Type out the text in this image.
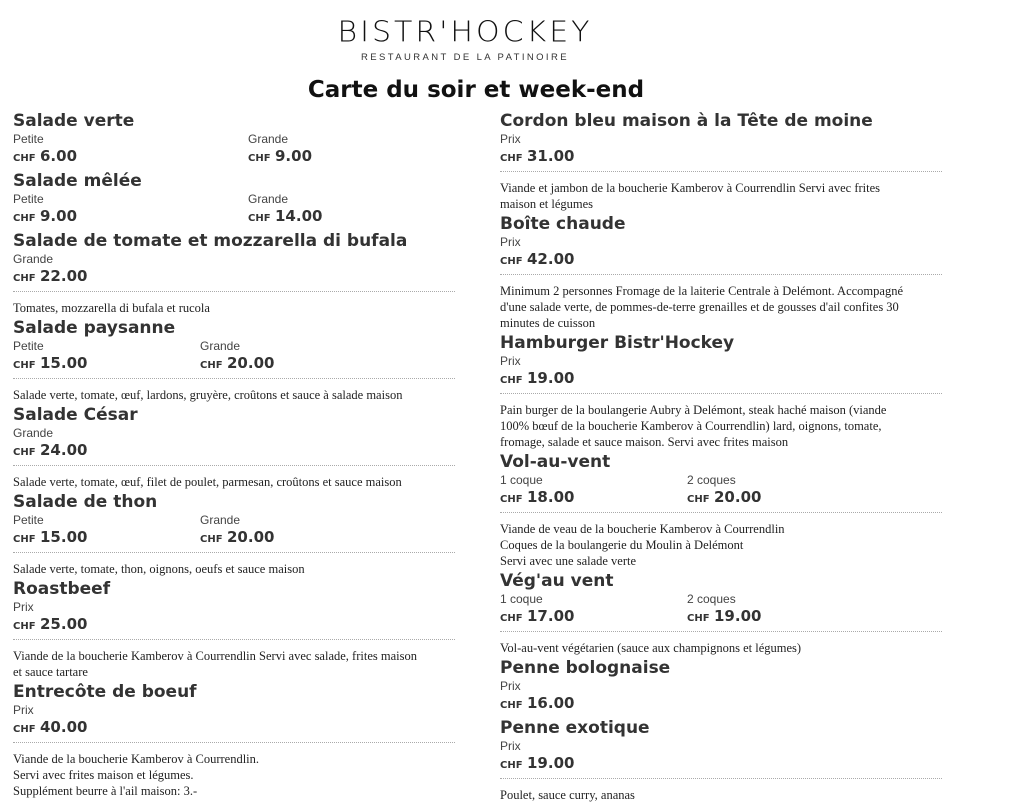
BISTR'HOCKEY
RESTAURANT DE LA PATINOIRE
Carte du soir et week-end
Salade verte
Petite
CHF 6.00
Grande
CHF 9.00
Salade mêlée
Petite
CHF 9.00
Grande
CHF 14.00
Salade de tomate et mozzarella di bufala
Grande
CHF 22.00
Tomates, mozzarella di bufala et rucola
Salade paysanne
Petite
CHF 15.00
Grande
CHF 20.00
Salade verte, tomate, œuf, lardons, gruyère, croûtons et sauce à salade maison
Salade César
Grande
CHF 24.00
Salade verte, tomate, œuf, filet de poulet, parmesan, croûtons et sauce maison
Salade de thon
Petite
CHF 15.00
Grande
CHF 20.00
Salade verte, tomate, thon, oignons, oeufs et sauce maison
Roastbeef
Prix
CHF 25.00
Viande de la boucherie Kamberov à Courrendlin Servi avec salade, frites maison
et sauce tartare
Entrecôte de boeuf
Prix
CHF 40.00
Viande de la boucherie Kamberov à Courrendlin.
Servi avec frites maison et légumes.
Supplément beurre à l'ail maison: 3.-
Cordon bleu maison à la Tête de moine
Prix
CHF 31.00
Viande et jambon de la boucherie Kamberov à Courrendlin Servi avec frites
maison et légumes
Boîte chaude
Prix
CHF 42.00
Minimum 2 personnes Fromage de la laiterie Centrale à Delémont. Accompagné
d'une salade verte, de pommes-de-terre grenailles et de gousses d'ail confites 30
minutes de cuisson
Hamburger Bistr'Hockey
Prix
CHF 19.00
Pain burger de la boulangerie Aubry à Delémont, steak haché maison (viande
100% bœuf de la boucherie Kamberov à Courrendlin) lard, oignons, tomate,
fromage, salade et sauce maison. Servi avec frites maison
Vol-au-vent
1 coque
CHF 18.00
2 coques
CHF 20.00
Viande de veau de la boucherie Kamberov à Courrendlin
Coques de la boulangerie du Moulin à Delémont
Servi avec une salade verte
Vég'au vent
1 coque
CHF 17.00
2 coques
CHF 19.00
Vol-au-vent végétarien (sauce aux champignons et légumes)
Penne bolognaise
Prix
CHF 16.00
Penne exotique
Prix
CHF 19.00
Poulet, sauce curry, ananas
